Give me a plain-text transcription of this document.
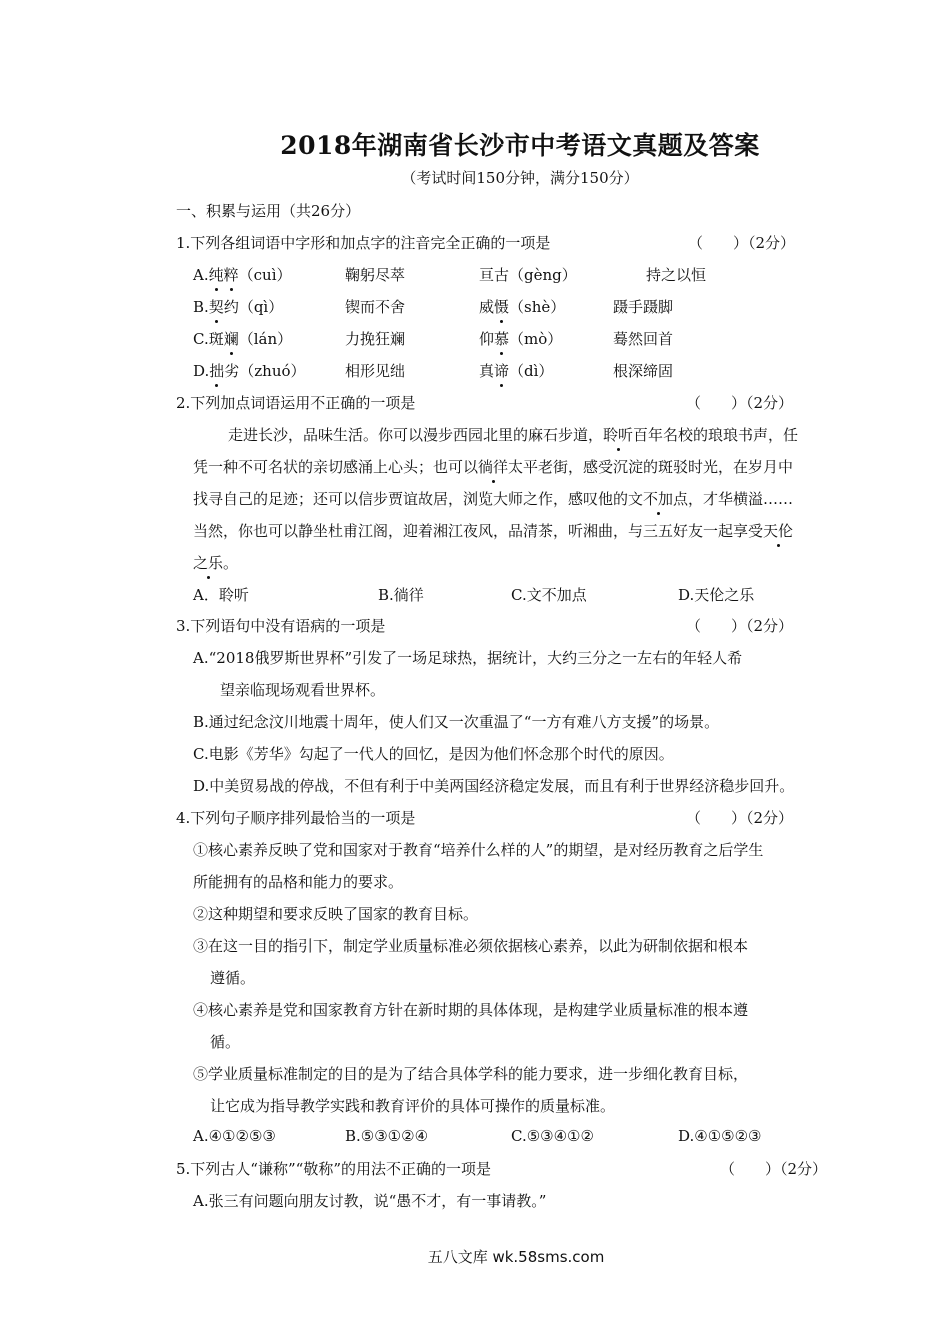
2018年湖南省长沙市中考语文真题及答案
（考试时间150分钟，满分150分）
一、积累与运用（共26分）
1.下列各组词语中字形和加点字的注音完全正确的一项是	（　　）（2分）
A.纯粹（cuì）	鞠躬尽萃	亘古（gèng）	持之以恒
B.契约（qì）	锲而不舍	威慑（shè）	蹑手蹑脚
C.斑斓（lán）	力挽狂斓	仰慕（mò）	蓦然回首
D.拙劣（zhuó）	相形见绌	真谛（dì）	根深缔固
2.下列加点词语运用不正确的一项是	（　　）（2分）
走进长沙，品味生活。你可以漫步西园北里的麻石步道，聆听百年名校的琅琅书声，任
凭一种不可名状的亲切感涌上心头；也可以徜徉太平老街，感受沉淀的斑驳时光，在岁月中
找寻自己的足迹；还可以信步贾谊故居，浏览大师之作，感叹他的文不加点，才华横溢……
当然，你也可以静坐杜甫江阁，迎着湘江夜风，品清茶，听湘曲，与三五好友一起享受天伦
之乐。
A．聆听	B.徜徉	C.文不加点	D.天伦之乐
3.下列语句中没有语病的一项是	（　　）（2分）
A.“2018俄罗斯世界杯”引发了一场足球热，据统计，大约三分之一左右的年轻人希
望亲临现场观看世界杯。
B.通过纪念汶川地震十周年，使人们又一次重温了“一方有难八方支援”的场景。
C.电影《芳华》勾起了一代人的回忆，是因为他们怀念那个时代的原因。
D.中美贸易战的停战，不但有利于中美两国经济稳定发展，而且有利于世界经济稳步回升。
4.下列句子顺序排列最恰当的一项是	（　　）（2分）
①核心素养反映了党和国家对于教育“培养什么样的人”的期望，是对经历教育之后学生
所能拥有的品格和能力的要求。
②这种期望和要求反映了国家的教育目标。
③在这一目的指引下，制定学业质量标准必须依据核心素养，以此为研制依据和根本
遵循。
④核心素养是党和国家教育方针在新时期的具体体现，是构建学业质量标准的根本遵
循。
⑤学业质量标准制定的目的是为了结合具体学科的能力要求，进一步细化教育目标，
让它成为指导教学实践和教育评价的具体可操作的质量标准。
A.④①②⑤③	B.⑤③①②④	C.⑤③④①②	D.④①⑤②③
5.下列古人“谦称”“敬称”的用法不正确的一项是	（　　）（2分）
A.张三有问题向朋友讨教，说“愚不才，有一事请教。”
五八文库 wk.58sms.com
